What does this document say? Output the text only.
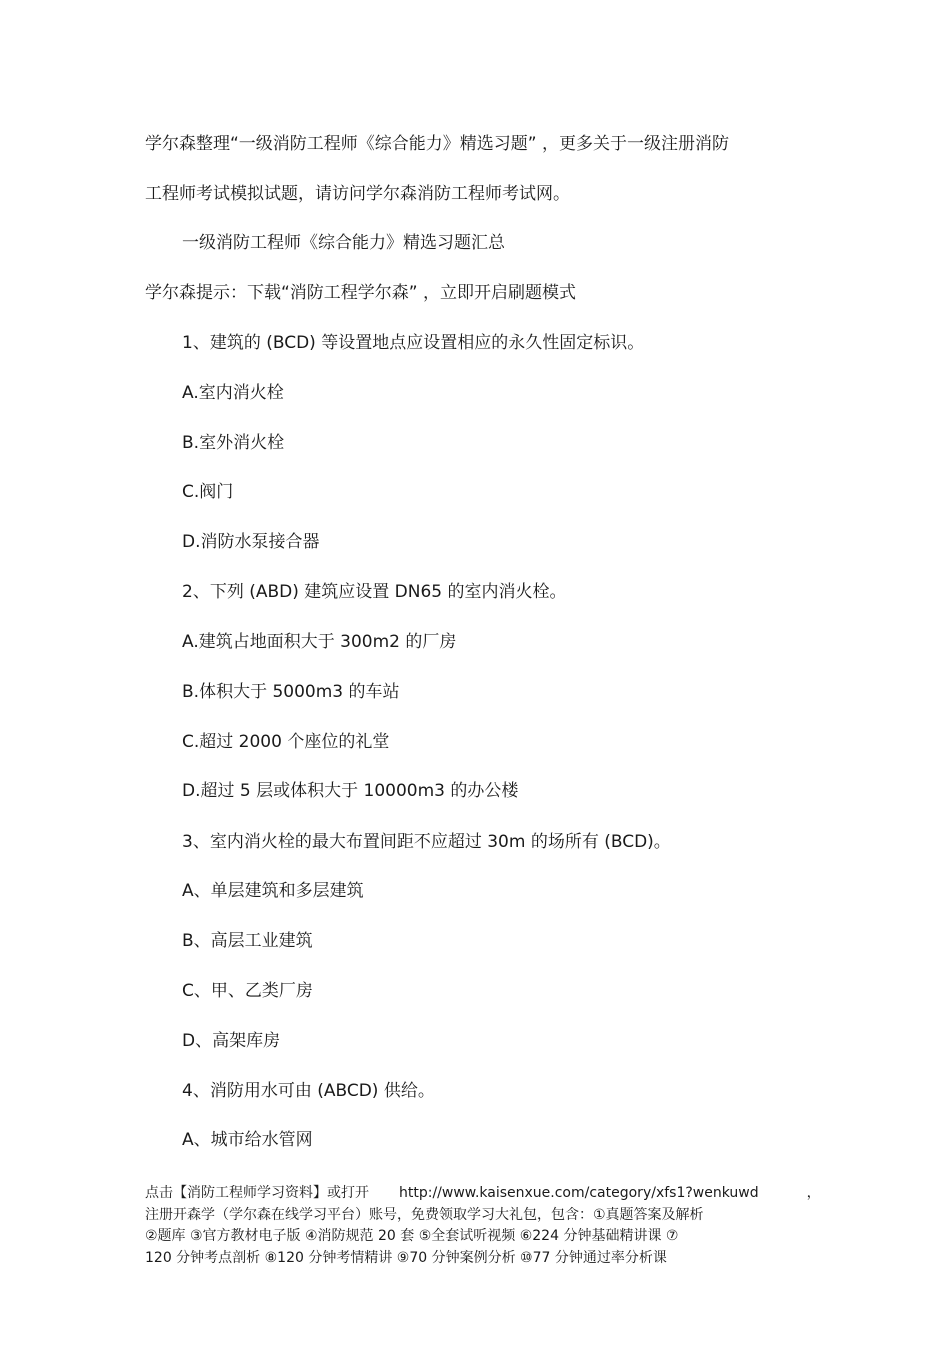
学尔森整理“一级消防工程师《综合能力》精选习题” ，更多关于一级注册消防
工程师考试模拟试题，请访问学尔森消防工程师考试网。
一级消防工程师《综合能力》精选习题汇总
学尔森提示：下载“消防工程学尔森” ，立即开启刷题模式
1、建筑的 (BCD) 等设置地点应设置相应的永久性固定标识。
A.室内消火栓
B.室外消火栓
C.阀门
D.消防水泵接合器
2、下列 (ABD) 建筑应设置 DN65 的室内消火栓。
A.建筑占地面积大于 300m2 的厂房
B.体积大于 5000m3 的车站
C.超过 2000 个座位的礼堂
D.超过 5 层或体积大于 10000m3 的办公楼
3、室内消火栓的最大布置间距不应超过 30m 的场所有 (BCD)。
A、单层建筑和多层建筑
B、高层工业建筑
C、甲、乙类厂房
D、高架库房
4、消防用水可由 (ABCD) 供给。
A、城市给水管网
点击【消防工程师学习资料】或打开 http://www.kaisenxue.com/category/xfs1?wenkuwd	，
注册开森学（学尔森在线学习平台）账号，免费领取学习大礼包，包含：①真题答案及解析
②题库 ③官方教材电子版 ④消防规范 20 套 ⑤全套试听视频 ⑥224 分钟基础精讲课 ⑦
120 分钟考点剖析 ⑧120 分钟考情精讲 ⑨70 分钟案例分析 ⑩77 分钟通过率分析课
